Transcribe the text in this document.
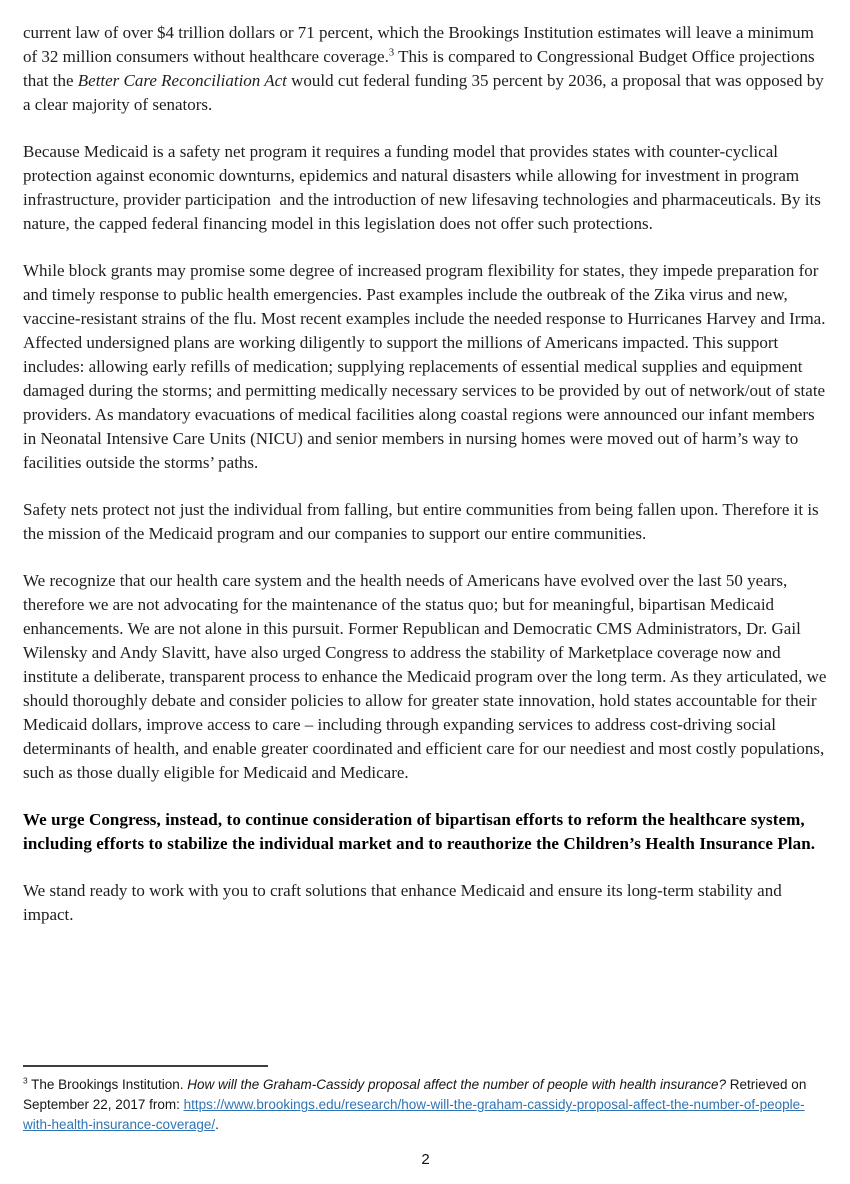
current law of over $4 trillion dollars or 71 percent, which the Brookings Institution estimates will leave a minimum of 32 million consumers without healthcare coverage.$^3$ This is compared to Congressional Budget Office projections that the Better Care Reconciliation Act would cut federal funding 35 percent by 2036, a proposal that was opposed by a clear majority of senators.

Because Medicaid is a safety net program it requires a funding model that provides states with counter-cyclical protection against economic downturns, epidemics and natural disasters while allowing for investment in program infrastructure, provider participation  and the introduction of new lifesaving technologies and pharmaceuticals. By its nature, the capped federal financing model in this legislation does not offer such protections.

While block grants may promise some degree of increased program flexibility for states, they impede preparation for and timely response to public health emergencies. Past examples include the outbreak of the Zika virus and new, vaccine-resistant strains of the flu. Most recent examples include the needed response to Hurricanes Harvey and Irma.  Affected undersigned plans are working diligently to support the millions of Americans impacted. This support includes: allowing early refills of medication; supplying replacements of essential medical supplies and equipment damaged during the storms; and permitting medically necessary services to be provided by out of network/out of state providers. As mandatory evacuations of medical facilities along coastal regions were announced our infant members in Neonatal Intensive Care Units (NICU) and senior members in nursing homes were moved out of harm’s way to facilities outside the storms’ paths.

Safety nets protect not just the individual from falling, but entire communities from being fallen upon. Therefore it is the mission of the Medicaid program and our companies to support our entire communities.

We recognize that our health care system and the health needs of Americans have evolved over the last 50 years, therefore we are not advocating for the maintenance of the status quo; but for meaningful, bipartisan Medicaid enhancements. We are not alone in this pursuit. Former Republican and Democratic CMS Administrators, Dr. Gail Wilensky and Andy Slavitt, have also urged Congress to address the stability of Marketplace coverage now and institute a deliberate, transparent process to enhance the Medicaid program over the long term. As they articulated, we should thoroughly debate and consider policies to allow for greater state innovation, hold states accountable for their Medicaid dollars, improve access to care – including through expanding services to address cost-driving social determinants of health, and enable greater coordinated and efficient care for our neediest and most costly populations, such as those dually eligible for Medicaid and Medicare.

We urge Congress, instead, to continue consideration of bipartisan efforts to reform the healthcare system, including efforts to stabilize the individual market and to reauthorize the Children’s Health Insurance Plan.

We stand ready to work with you to craft solutions that enhance Medicaid and ensure its long-term stability and impact.

$^3$ The Brookings Institution. How will the Graham-Cassidy proposal affect the number of people with health insurance? Retrieved on September 22, 2017 from: https://www.brookings.edu/research/how-will-the-graham-cassidy-proposal-affect-the-number-of-people-with-health-insurance-coverage/.
2
